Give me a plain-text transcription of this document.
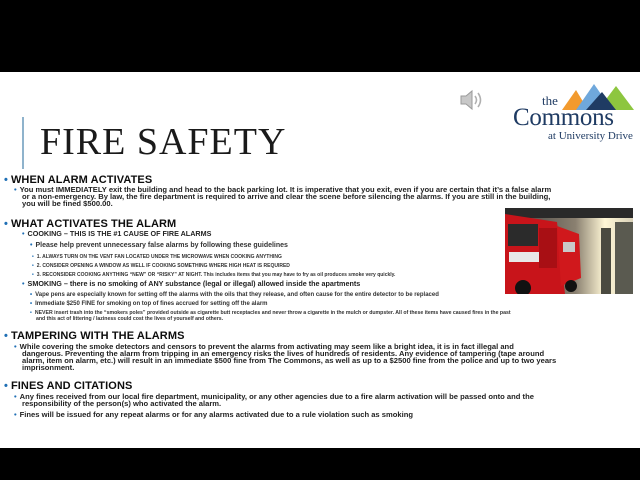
FIRE SAFETY
the
Commons
at University Drive
• WHEN ALARM ACTIVATES
• You must IMMEDIATELY exit the building and head to the back parking lot. It is imperative that you exit, even if you are certain that it’s a false alarm
or a non-emergency. By law, the fire department is required to arrive and clear the scene before silencing the alarms. If you are still in the building,
you will be fined $500.00.
• WHAT ACTIVATES THE ALARM
• COOKING – THIS IS THE #1 CAUSE OF FIRE ALARMS
• Please help prevent unnecessary false alarms by following these guidelines
• 1. ALWAYS TURN ON THE VENT FAN LOCATED UNDER THE MICROWAVE WHEN COOKING ANYTHING
• 2. CONSIDER OPENING A WINDOW AS WELL IF COOKING SOMETHING WHERE HIGH HEAT IS REQUIRED
• 3. RECONSIDER COOKING ANYTHING “NEW” OR “RISKY” AT NIGHT. This includes items that you may have to fry as oil produces smoke very quickly.
• SMOKING – there is no smoking of ANY substance (legal or illegal) allowed inside the apartments
• Vape pens are especially known for setting off the alarms with the oils that they release, and often cause for the entire detector to be replaced
• Immediate $250 FINE for smoking on top of fines accrued for setting off the alarm
• NEVER insert trash into the “smokers poles” provided outside as cigarette butt receptacles and never throw a cigarette in the mulch or dumpster. All of these items have caused fires in the past
and this act of littering / laziness could cost the lives of yourself and others.
• TAMPERING WITH THE ALARMS
• While covering the smoke detectors and censors to prevent the alarms from activating may seem like a bright idea, it is in fact illegal and
dangerous. Preventing the alarm from tripping in an emergency risks the lives of hundreds of residents. Any evidence of tampering (tape around
alarm, item on alarm, etc.) will result in an immediate $500 fine from The Commons, as well as up to a $2500 fine from the police and up to two years
imprisonment.
• FINES AND CITATIONS
• Any fines received from our local fire department, municipality, or any other agencies due to a fire alarm activation will be passed onto and the
responsibility of the person(s) who activated the alarm.
• Fines will be issued for any repeat alarms or for any alarms activated due to a rule violation such as smoking
